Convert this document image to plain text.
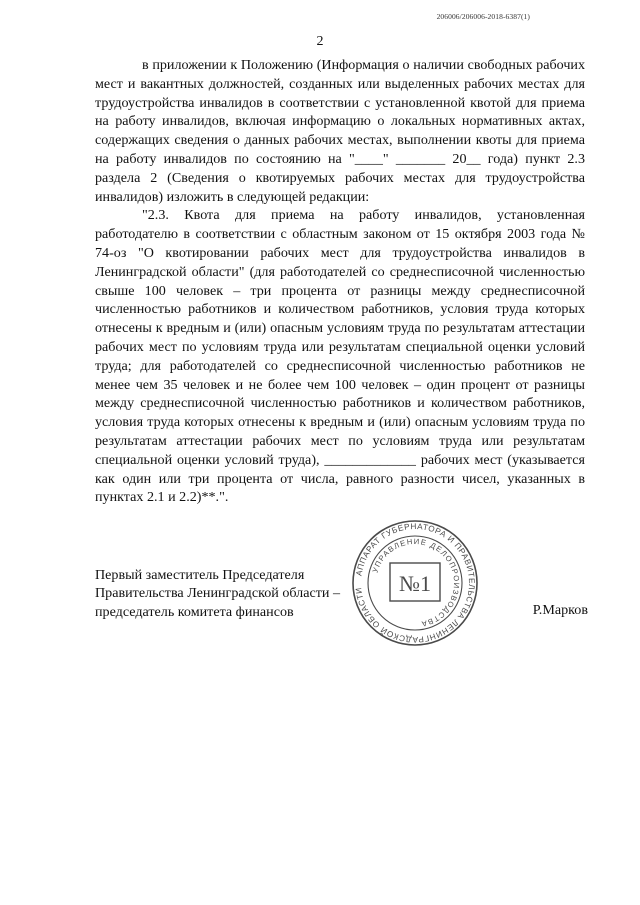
206006/206006-2018-6387(1)
2

в приложении к Положению (Информация о наличии свободных рабочих мест и вакантных должностей, созданных или выделенных рабочих местах для трудоустройства инвалидов в соответствии с установленной квотой для приема на работу инвалидов, включая информацию о локальных нормативных актах, содержащих сведения о данных рабочих местах, выполнении квоты для приема на работу инвалидов по состоянию на "____" _______ 20__ года) пункт 2.3 раздела 2 (Сведения о квотируемых рабочих местах для трудоустройства инвалидов) изложить в следующей редакции:

"2.3. Квота для приема на работу инвалидов, установленная работодателю в соответствии с областным законом от 15 октября 2003 года № 74-оз "О квотировании рабочих мест для трудоустройства инвалидов в Ленинградской области" (для работодателей со среднесписочной численностью свыше 100 человек – три процента от разницы между среднесписочной численностью работников и количеством работников, условия труда которых отнесены к вредным и (или) опасным условиям труда по результатам аттестации рабочих мест по условиям труда или результатам специальной оценки условий труда; для работодателей со среднесписочной численностью работников не менее чем 35 человек и не более чем 100 человек – один процент от разницы между среднесписочной численностью работников и количеством работников, условия труда которых отнесены к вредным и (или) опасным условиям труда по результатам аттестации рабочих мест по условиям труда или результатам специальной оценки условий труда), _____________ рабочих мест (указывается как один или три процента от числа, равного разности чисел, указанных в пунктах 2.1 и 2.2)**.".

Первый заместитель Председателя
Правительства Ленинградской области –
председатель комитета финансов	Р.Марков
АППАРАТ ГУБЕРНАТОРА И ПРАВИТЕЛЬСТВА ЛЕНИНГРАДСКОЙ ОБЛАСТИ
УПРАВЛЕНИЕ ДЕЛОПРОИЗВОДСТВА
№1
